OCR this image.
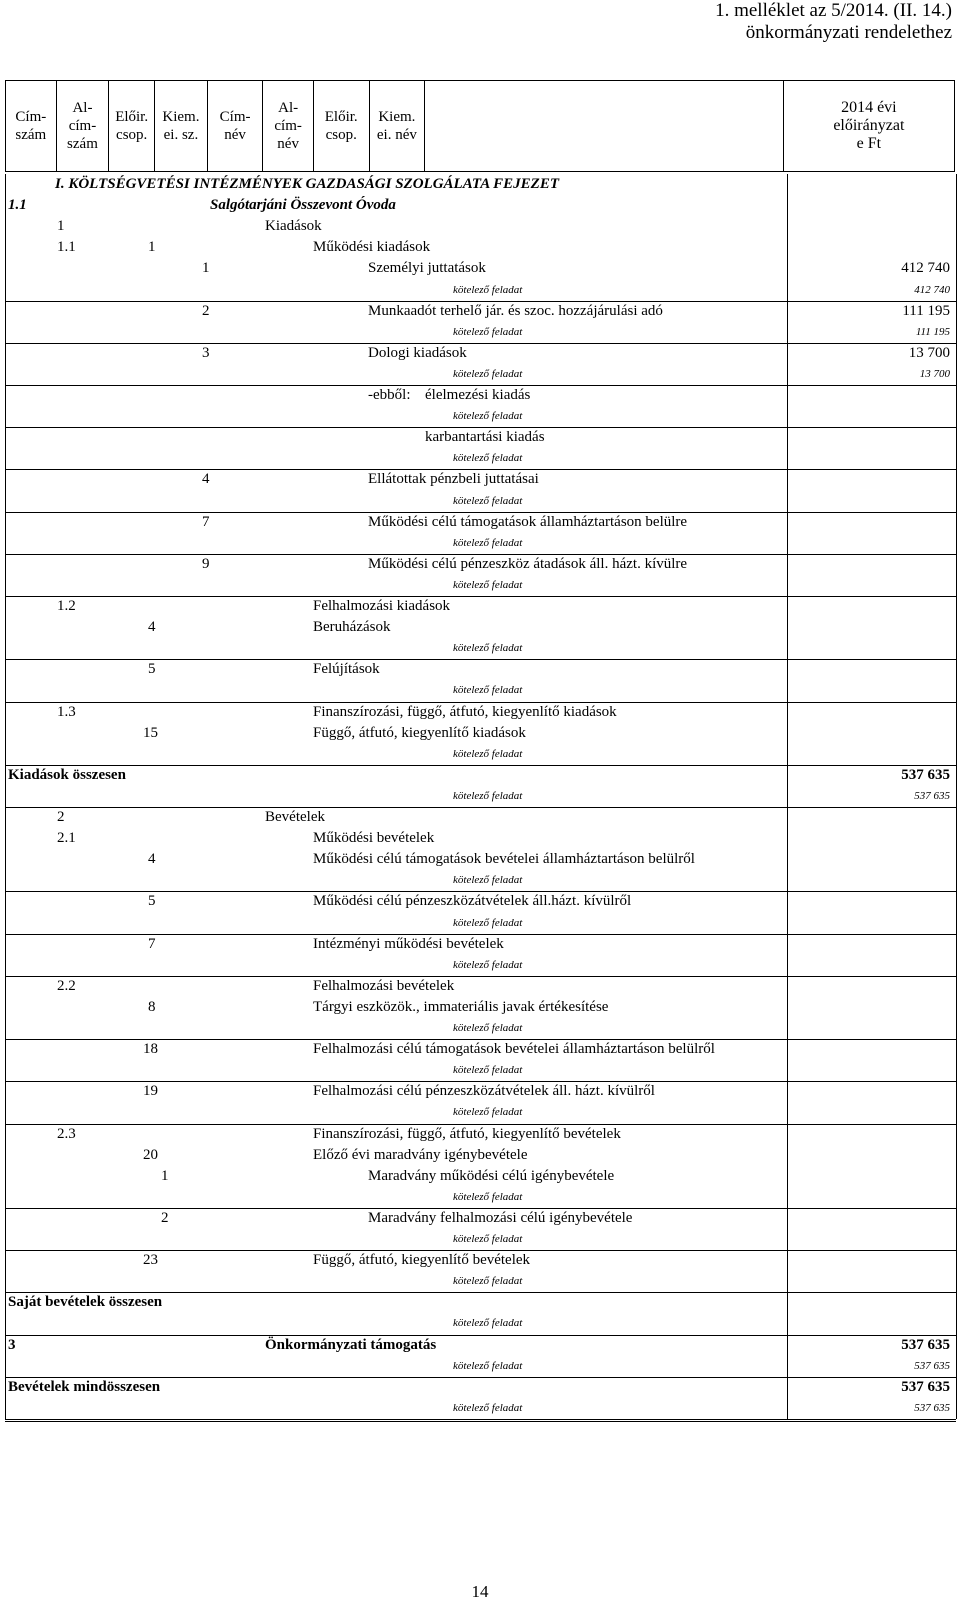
1. melléklet az 5/2014. (II. 14.)
önkormányzati rendelethez
Cím-
szám	Al-
cím-
szám	Előir.
csop.	Kiem.
ei. sz.	Cím-
név	Al-
cím-
név	Előir.
csop.	Kiem.
ei. név		2014 évi
előirányzat
e Ft
I. KÖLTSÉGVETÉSI INTÉZMÉNYEK GAZDASÁGI SZOLGÁLATA FEJEZET
1.1	Salgótarjáni Összevont Óvoda
1	Kiadások
1.1	1	Működési kiadások
1	Személyi juttatások	412 740
kötelező feladat	412 740
2	Munkaadót terhelő jár. és szoc. hozzájárulási adó	111 195
kötelező feladat	111 195
3	Dologi kiadások	13 700
kötelező feladat	13 700
-ebből: élelmezési kiadás
kötelező feladat
karbantartási kiadás
kötelező feladat
4	Ellátottak pénzbeli juttatásai
kötelező feladat
7	Működési célú támogatások államháztartáson belülre
kötelező feladat
9	Működési célú pénzeszköz átadások áll. házt. kívülre
kötelező feladat
1.2	Felhalmozási kiadások
4	Beruházások
kötelező feladat
5	Felújítások
kötelező feladat
1.3	Finanszírozási, függő, átfutó, kiegyenlítő kiadások
15	Függő, átfutó, kiegyenlítő kiadások
kötelező feladat
Kiadások összesen	537 635
kötelező feladat	537 635
2	Bevételek
2.1	Működési bevételek
4	Működési célú támogatások bevételei államháztartáson belülről
kötelező feladat
5	Működési célú pénzeszközátvételek áll.házt. kívülről
kötelező feladat
7	Intézményi működési bevételek
kötelező feladat
2.2	Felhalmozási bevételek
8	Tárgyi eszközök., immateriális javak értékesítése
kötelező feladat
18	Felhalmozási célú támogatások bevételei államháztartáson belülről
kötelező feladat
19	Felhalmozási célú pénzeszközátvételek áll. házt. kívülről
kötelező feladat
2.3	Finanszírozási, függő, átfutó, kiegyenlítő bevételek
20	Előző évi maradvány igénybevétele
1	Maradvány működési célú igénybevétele
kötelező feladat
2	Maradvány felhalmozási célú igénybevétele
kötelező feladat
23	Függő, átfutó, kiegyenlítő bevételek
kötelező feladat
Saját bevételek összesen
kötelező feladat
3	Önkormányzati támogatás	537 635
kötelező feladat	537 635
Bevételek mindösszesen	537 635
kötelező feladat	537 635
14
